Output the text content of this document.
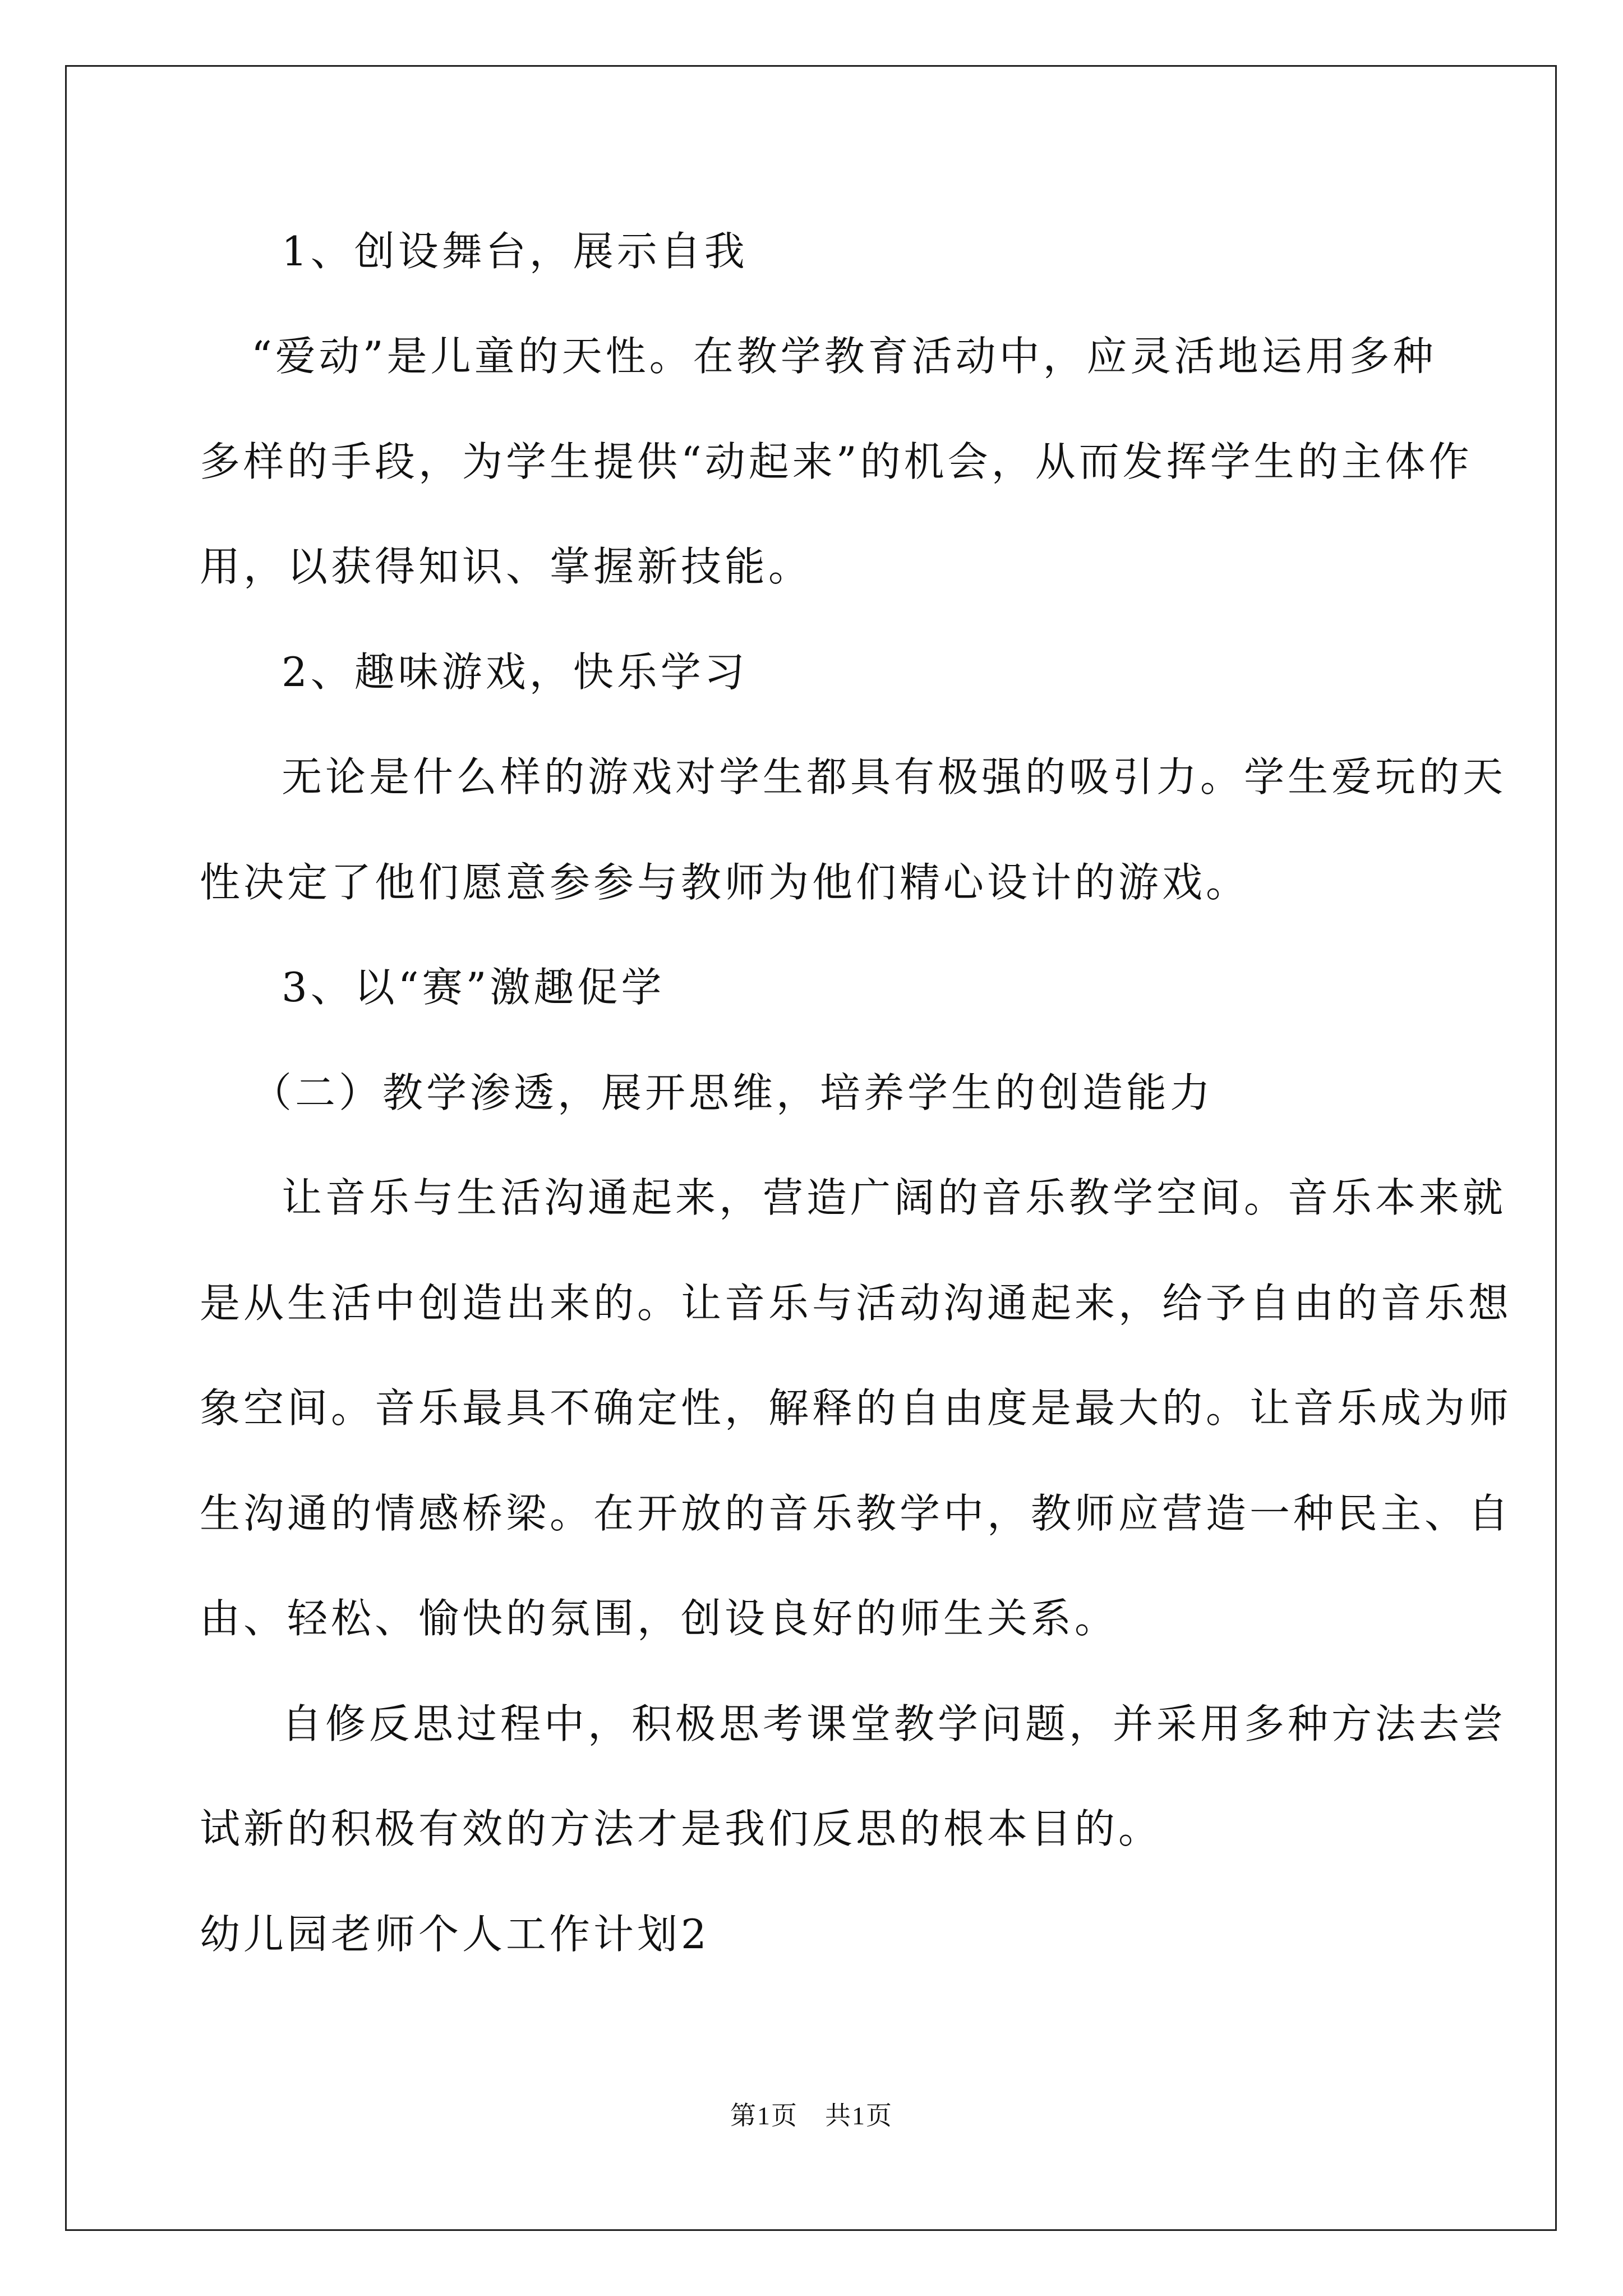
1、创设舞台，展示自我
“爱动”是儿童的天性。在教学教育活动中，应灵活地运用多种
多样的手段，为学生提供“动起来”的机会，从而发挥学生的主体作
用，以获得知识、掌握新技能。
2、趣味游戏，快乐学习
无论是什么样的游戏对学生都具有极强的吸引力。学生爱玩的天
性决定了他们愿意参参与教师为他们精心设计的游戏。
3、以“赛”激趣促学
（二）教学渗透，展开思维，培养学生的创造能力
让音乐与生活沟通起来，营造广阔的音乐教学空间。音乐本来就
是从生活中创造出来的。让音乐与活动沟通起来，给予自由的音乐想
象空间。音乐最具不确定性，解释的自由度是最大的。让音乐成为师
生沟通的情感桥梁。在开放的音乐教学中，教师应营造一种民主、自
由、轻松、愉快的氛围，创设良好的师生关系。
自修反思过程中，积极思考课堂教学问题，并采用多种方法去尝
试新的积极有效的方法才是我们反思的根本目的。
幼儿园老师个人工作计划2
第1页　共1页
